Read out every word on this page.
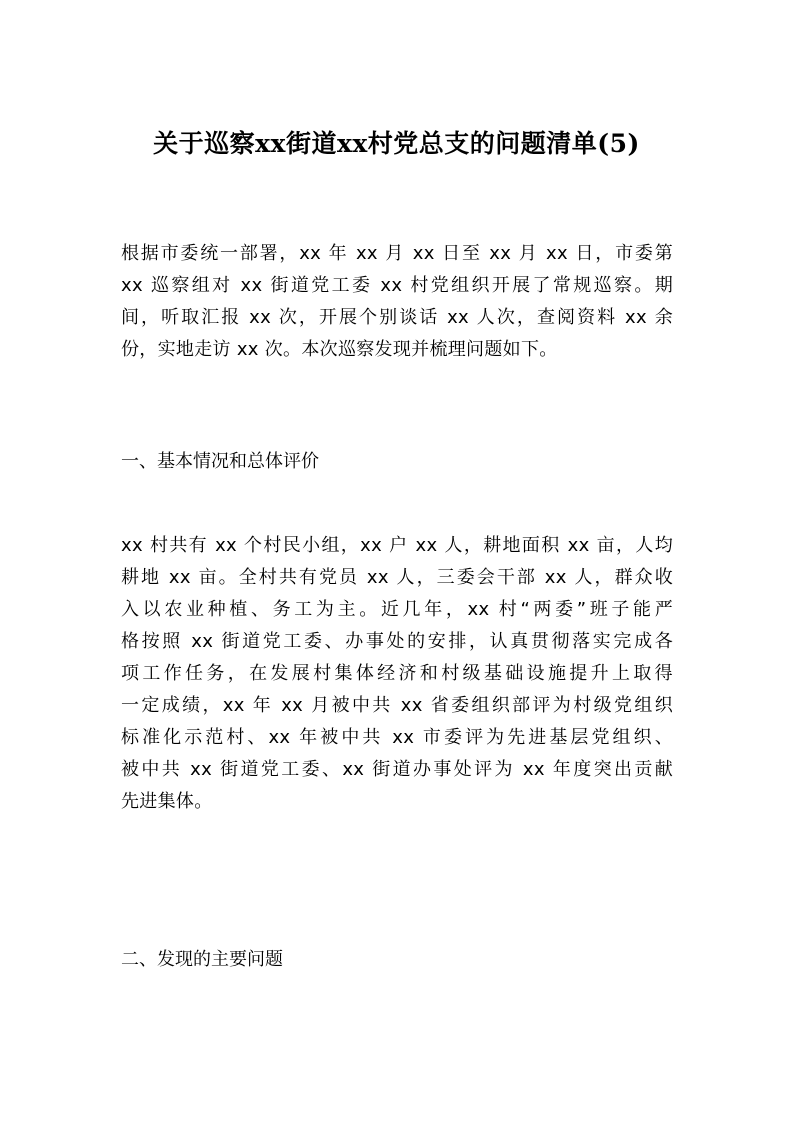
关于巡察xx街道xx村党总支的问题清单(5)
根据市委统一部署，xx 年 xx 月 xx 日至 xx 月 xx 日，市委第
xx 巡察组对 xx 街道党工委 xx 村党组织开展了常规巡察。期
间，听取汇报 xx 次，开展个别谈话 xx 人次，查阅资料 xx 余
份，实地走访 xx 次。本次巡察发现并梳理问题如下。
一、基本情况和总体评价
xx 村共有 xx 个村民小组，xx 户 xx 人，耕地面积 xx 亩，人均
耕地 xx 亩。全村共有党员 xx 人，三委会干部 xx 人，群众收
入以农业种植、务工为主。近几年，xx 村“两委”班子能严
格按照 xx 街道党工委、办事处的安排，认真贯彻落实完成各
项工作任务，在发展村集体经济和村级基础设施提升上取得
一定成绩，xx 年 xx 月被中共 xx 省委组织部评为村级党组织
标准化示范村、xx 年被中共 xx 市委评为先进基层党组织、
被中共 xx 街道党工委、xx 街道办事处评为 xx 年度突出贡献
先进集体。
二、发现的主要问题
